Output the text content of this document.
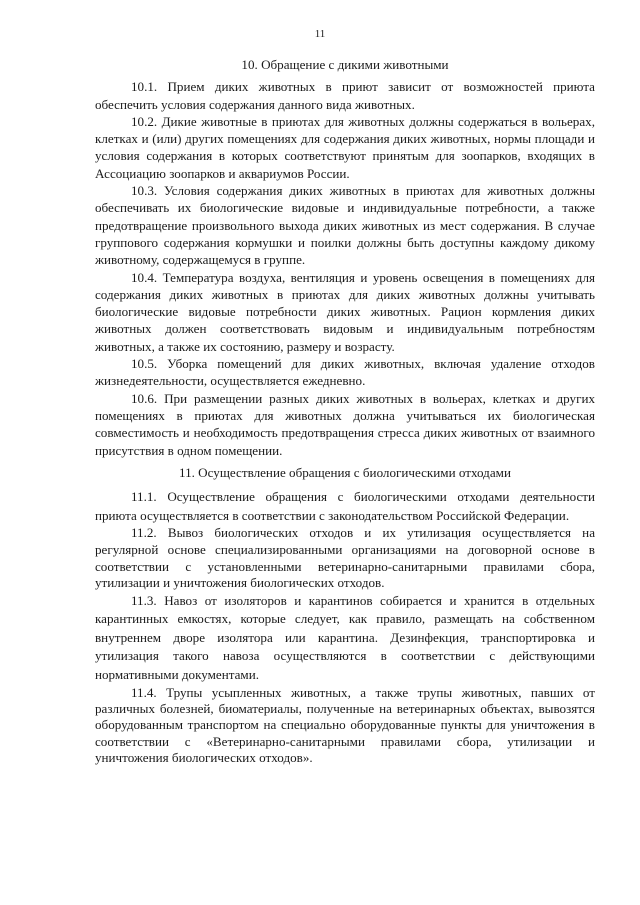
11
10. Обращение с дикими животными

10.1. Прием диких животных в приют зависит от возможностей приюта обеспечить условия содержания данного вида животных.

10.2. Дикие животные в приютах для животных должны содержаться в вольерах, клетках и (или) других помещениях для содержания диких животных, нормы площади и условия содержания в которых соответствуют принятым для зоопарков, входящих в Ассоциацию зоопарков и аквариумов России.

10.3. Условия содержания диких животных в приютах для животных должны обеспечивать их биологические видовые и индивидуальные потребности, а также предотвращение произвольного выхода диких животных из мест содержания. В случае группового содержания кормушки и поилки должны быть доступны каждому дикому животному, содержащемуся в группе.

10.4. Температура воздуха, вентиляция и уровень освещения в помещениях для содержания диких животных в приютах для диких животных должны учитывать биологические видовые потребности диких животных. Рацион кормления диких животных должен соответствовать видовым и индивидуальным потребностям животных, а также их состоянию, размеру и возрасту.

10.5. Уборка помещений для диких животных, включая удаление отходов жизнедеятельности, осуществляется ежедневно.

10.6. При размещении разных диких животных в вольерах, клетках и других помещениях в приютах для животных должна учитываться их биологическая совместимость и необходимость предотвращения стресса диких животных от взаимного присутствия в одном помещении.

11. Осуществление обращения с биологическими отходами

11.1. Осуществление обращения с биологическими отходами деятельности приюта осуществляется в соответствии с законодательством Российской Федерации.

11.2. Вывоз биологических отходов и их утилизация осуществляется на регулярной основе специализированными организациями на договорной основе в соответствии с установленными ветеринарно-санитарными правилами сбора, утилизации и уничтожения биологических отходов.

11.3. Навоз от изоляторов и карантинов собирается и хранится в отдельных карантинных емкостях, которые следует, как правило, размещать на собственном внутреннем дворе изолятора или карантина. Дезинфекция, транспортировка и утилизация такого навоза осуществляются в соответствии с действующими нормативными документами.

11.4. Трупы усыпленных животных, а также трупы животных, павших от различных болезней, биоматериалы, полученные на ветеринарных объектах, вывозятся оборудованным транспортом на специально оборудованные пункты для уничтожения в соответствии с «Ветеринарно-санитарными правилами сбора, утилизации и уничтожения биологических отходов».
